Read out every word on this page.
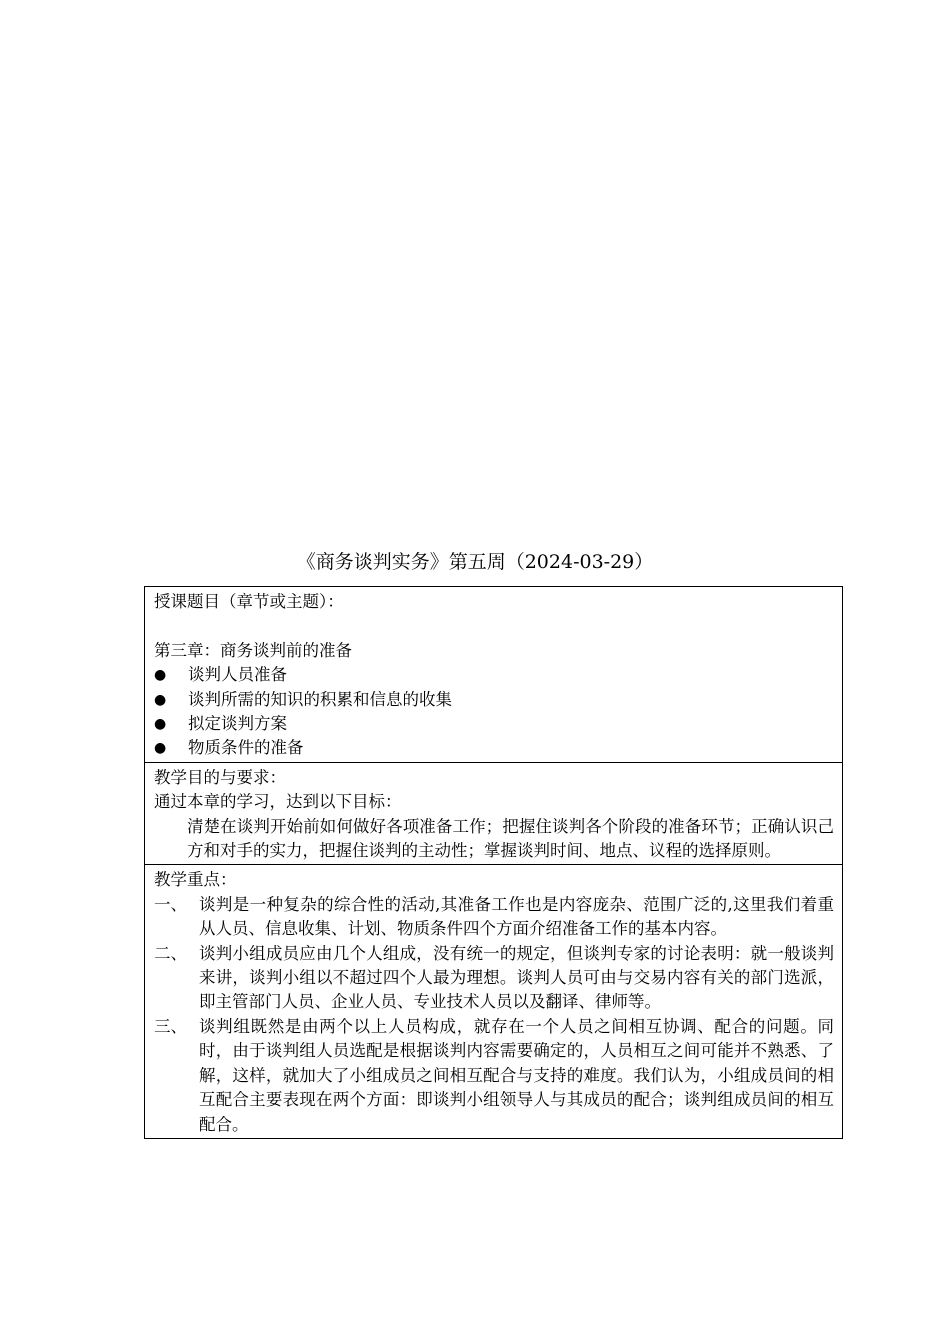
《商务谈判实务》第五周（2024-03-29）
授课题目（章节或主题）：
第三章：商务谈判前的准备
●	谈判人员准备
●	谈判所需的知识的积累和信息的收集
●	拟定谈判方案
●	物质条件的准备
教学目的与要求：
通过本章的学习，达到以下目标：
清楚在谈判开始前如何做好各项准备工作；把握住谈判各个阶段的准备环节；正确认识己方和对手的实力，把握住谈判的主动性；掌握谈判时间、地点、议程的选择原则。
教学重点：
一、 谈判是一种复杂的综合性的活动,其准备工作也是内容庞杂、范围广泛的,这里我们着重从人员、信息收集、计划、物质条件四个方面介绍准备工作的基本内容。
二、 谈判小组成员应由几个人组成，没有统一的规定，但谈判专家的讨论表明：就一般谈判来讲，谈判小组以不超过四个人最为理想。谈判人员可由与交易内容有关的部门选派，即主管部门人员、企业人员、专业技术人员以及翻译、律师等。
三、 谈判组既然是由两个以上人员构成，就存在一个人员之间相互协调、配合的问题。同时，由于谈判组人员选配是根据谈判内容需要确定的，人员相互之间可能并不熟悉、了解，这样，就加大了小组成员之间相互配合与支持的难度。我们认为，小组成员间的相互配合主要表现在两个方面：即谈判小组领导人与其成员的配合；谈判组成员间的相互配合。
